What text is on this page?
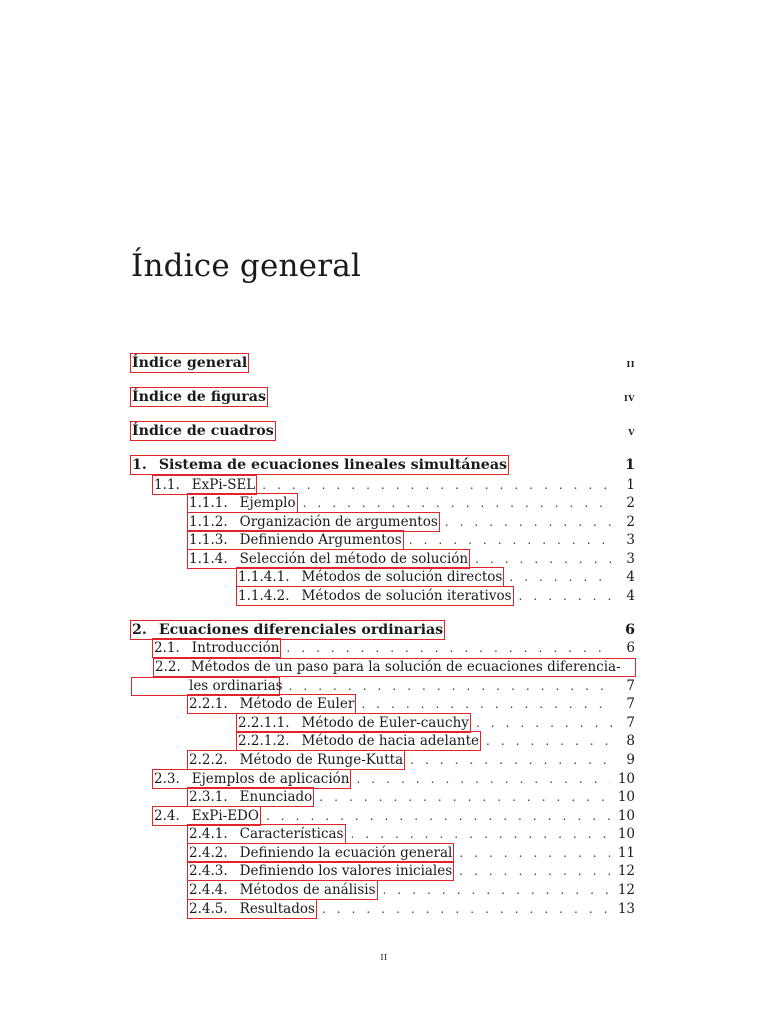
Índice general
Índice general	ii
Índice de figuras	iv
Índice de cuadros	v
1. Sistema de ecuaciones lineales simultáneas	1
1.1. ExPi-SEL . . .	1
1.1.1. Ejemplo . . .	2
1.1.2. Organización de argumentos . . .	2
1.1.3. Definiendo Argumentos . . .	3
1.1.4. Selección del método de solución . . .	3
1.1.4.1. Métodos de solución directos . . .	4
1.1.4.2. Métodos de solución iterativos . . .	4
2. Ecuaciones diferenciales ordinarias	6
2.1. Introducción . . .	6
2.2. Métodos de un paso para la solución de ecuaciones diferencia-
les ordinarias . . .	7
2.2.1. Método de Euler . . .	7
2.2.1.1. Método de Euler-cauchy . . .	7
2.2.1.2. Método de hacia adelante . . .	8
2.2.2. Método de Runge-Kutta . . .	9
2.3. Ejemplos de aplicación . . .	10
2.3.1. Enunciado . . .	10
2.4. ExPi-EDO . . .	10
2.4.1. Características . . .	10
2.4.2. Definiendo la ecuación general . . .	11
2.4.3. Definiendo los valores iniciales . . .	12
2.4.4. Métodos de análisis . . .	12
2.4.5. Resultados . . .	13
ii
